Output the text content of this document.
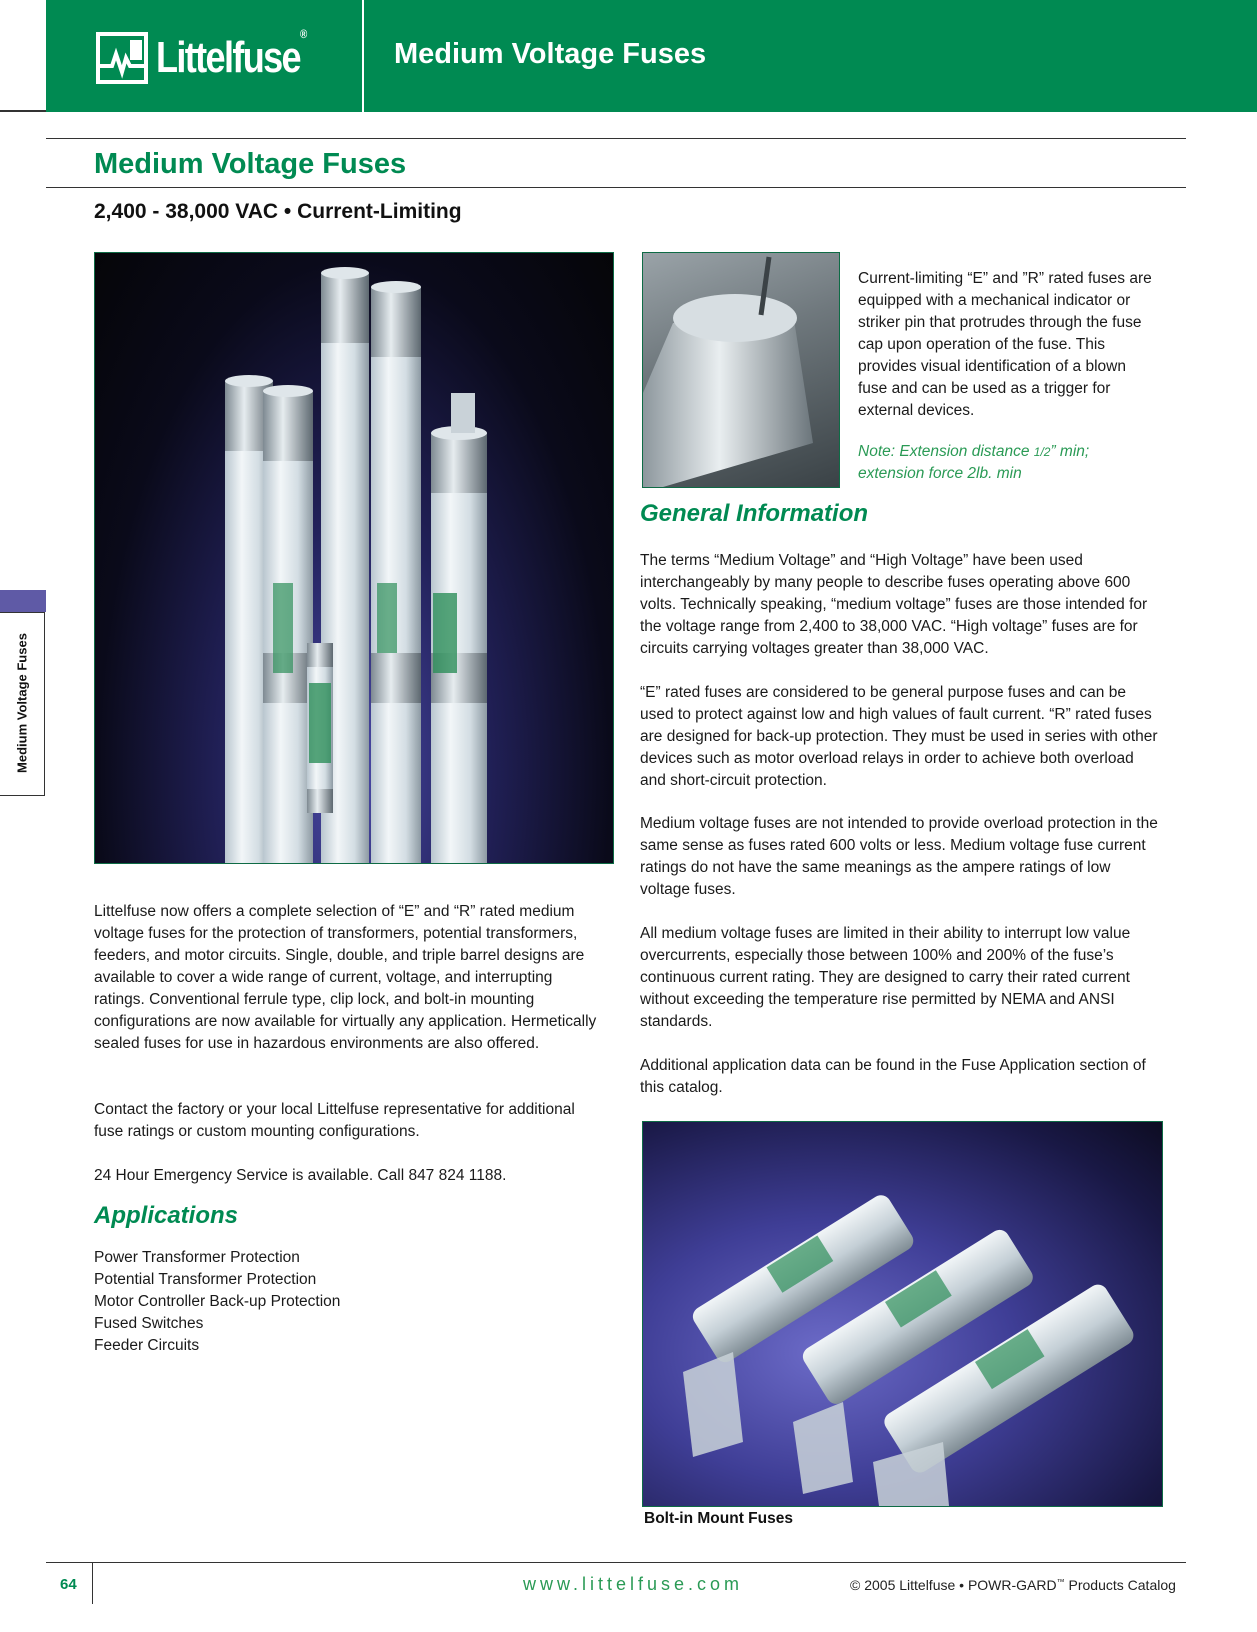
Littelfuse®
Medium Voltage Fuses
Medium Voltage Fuses
2,400 - 38,000 VAC • Current-Limiting
Medium Voltage Fuses

Current-limiting “E” and ”R” rated fuses are equipped with a mechanical indicator or striker pin that protrudes through the fuse cap upon operation of the fuse. This provides visual identification of a blown fuse and can be used as a trigger for external devices.

Note: Extension distance 1/2” min; extension force 2lb. min

General Information

The terms “Medium Voltage” and “High Voltage” have been used interchangeably by many people to describe fuses operating above 600 volts. Technically speaking, “medium voltage” fuses are those intended for the voltage range from 2,400 to 38,000 VAC. “High voltage” fuses are for circuits carrying voltages greater than 38,000 VAC.

“E” rated fuses are considered to be general purpose fuses and can be used to protect against low and high values of fault current. “R” rated fuses are designed for back-up protection. They must be used in series with other devices such as motor overload relays in order to achieve both overload and short-circuit protection.

Medium voltage fuses are not intended to provide overload protection in the same sense as fuses rated 600 volts or less. Medium voltage fuse current ratings do not have the same meanings as the ampere ratings of low voltage fuses.

All medium voltage fuses are limited in their ability to interrupt low value overcurrents, especially those between 100% and 200% of the fuse’s continuous current rating. They are designed to carry their rated current without exceeding the temperature rise permitted by NEMA and ANSI standards.

Additional application data can be found in the Fuse Application section of this catalog.

Littelfuse now offers a complete selection of “E” and “R” rated medium voltage fuses for the protection of transformers, potential transformers, feeders, and motor circuits. Single, double, and triple barrel designs are available to cover a wide range of current, voltage, and interrupting ratings. Conventional ferrule type, clip lock, and bolt-in mounting configurations are now available for virtually any application. Hermetically sealed fuses for use in hazardous environments are also offered.

Contact the factory or your local Littelfuse representative for additional fuse ratings or custom mounting configurations.

24 Hour Emergency Service is available. Call 847 824 1188.

Applications
Power Transformer Protection
Potential Transformer Protection
Motor Controller Back-up Protection
Fused Switches
Feeder Circuits
Bolt-in Mount Fuses
64	www.littelfuse.com	© 2005 Littelfuse • POWR-GARD™ Products Catalog
